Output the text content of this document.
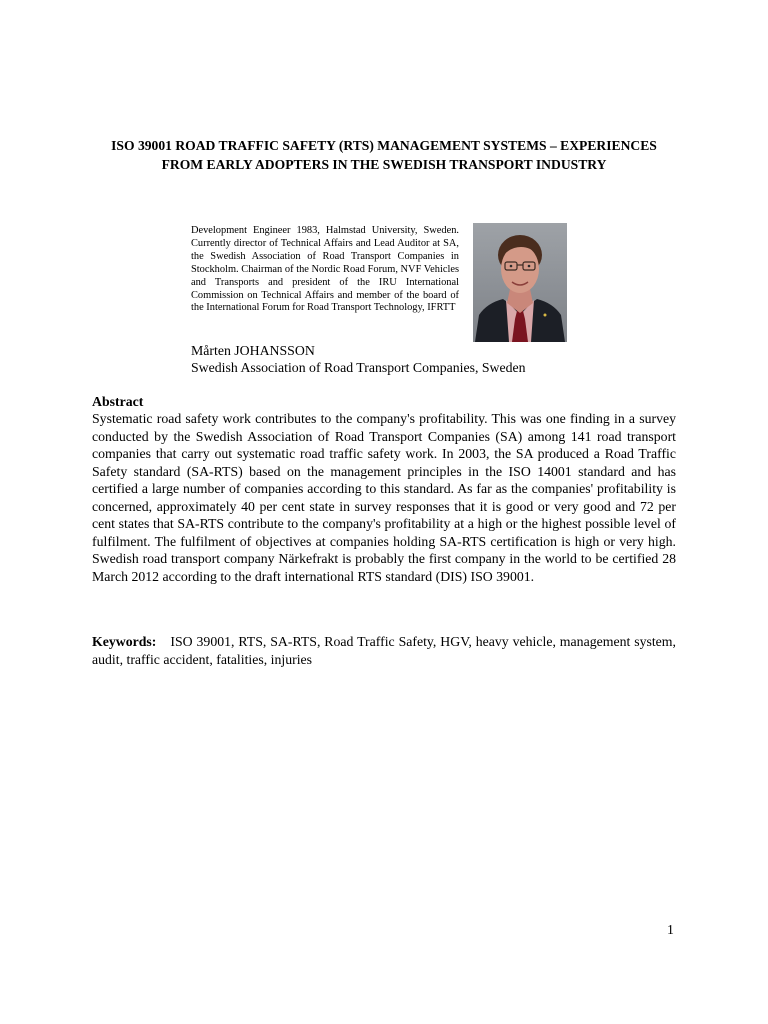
ISO 39001 ROAD TRAFFIC SAFETY (RTS) MANAGEMENT SYSTEMS – EXPERIENCES FROM EARLY ADOPTERS IN THE SWEDISH TRANSPORT INDUSTRY
Development Engineer 1983, Halmstad University, Sweden. Currently director of Technical Affairs and Lead Auditor at SA, the Swedish Association of Road Transport Companies in Stockholm. Chairman of the Nordic Road Forum, NVF Vehicles and Transports and president of the IRU International Commission on Technical Affairs and member of the board of the International Forum for Road Transport Technology, IFRTT
Mårten JOHANSSON
Swedish Association of Road Transport Companies, Sweden
Abstract
Systematic road safety work contributes to the company's profitability. This was one finding in a survey conducted by the Swedish Association of Road Transport Companies (SA) among 141 road transport companies that carry out systematic road traffic safety work. In 2003, the SA produced a Road Traffic Safety standard (SA-RTS) based on the management principles in the ISO 14001 standard and has certified a large number of companies according to this standard. As far as the companies' profitability is concerned, approximately 40 per cent state in survey responses that it is good or very good and 72 per cent states that SA-RTS contribute to the company's profitability at a high or the highest possible level of fulfilment. The fulfilment of objectives at companies holding SA-RTS certification is high or very high. Swedish road transport company Närkefrakt is probably the first company in the world to be certified 28 March 2012 according to the draft international RTS standard (DIS) ISO 39001.
Keywords: ISO 39001, RTS, SA-RTS, Road Traffic Safety, HGV, heavy vehicle, management system, audit, traffic accident, fatalities, injuries
1
